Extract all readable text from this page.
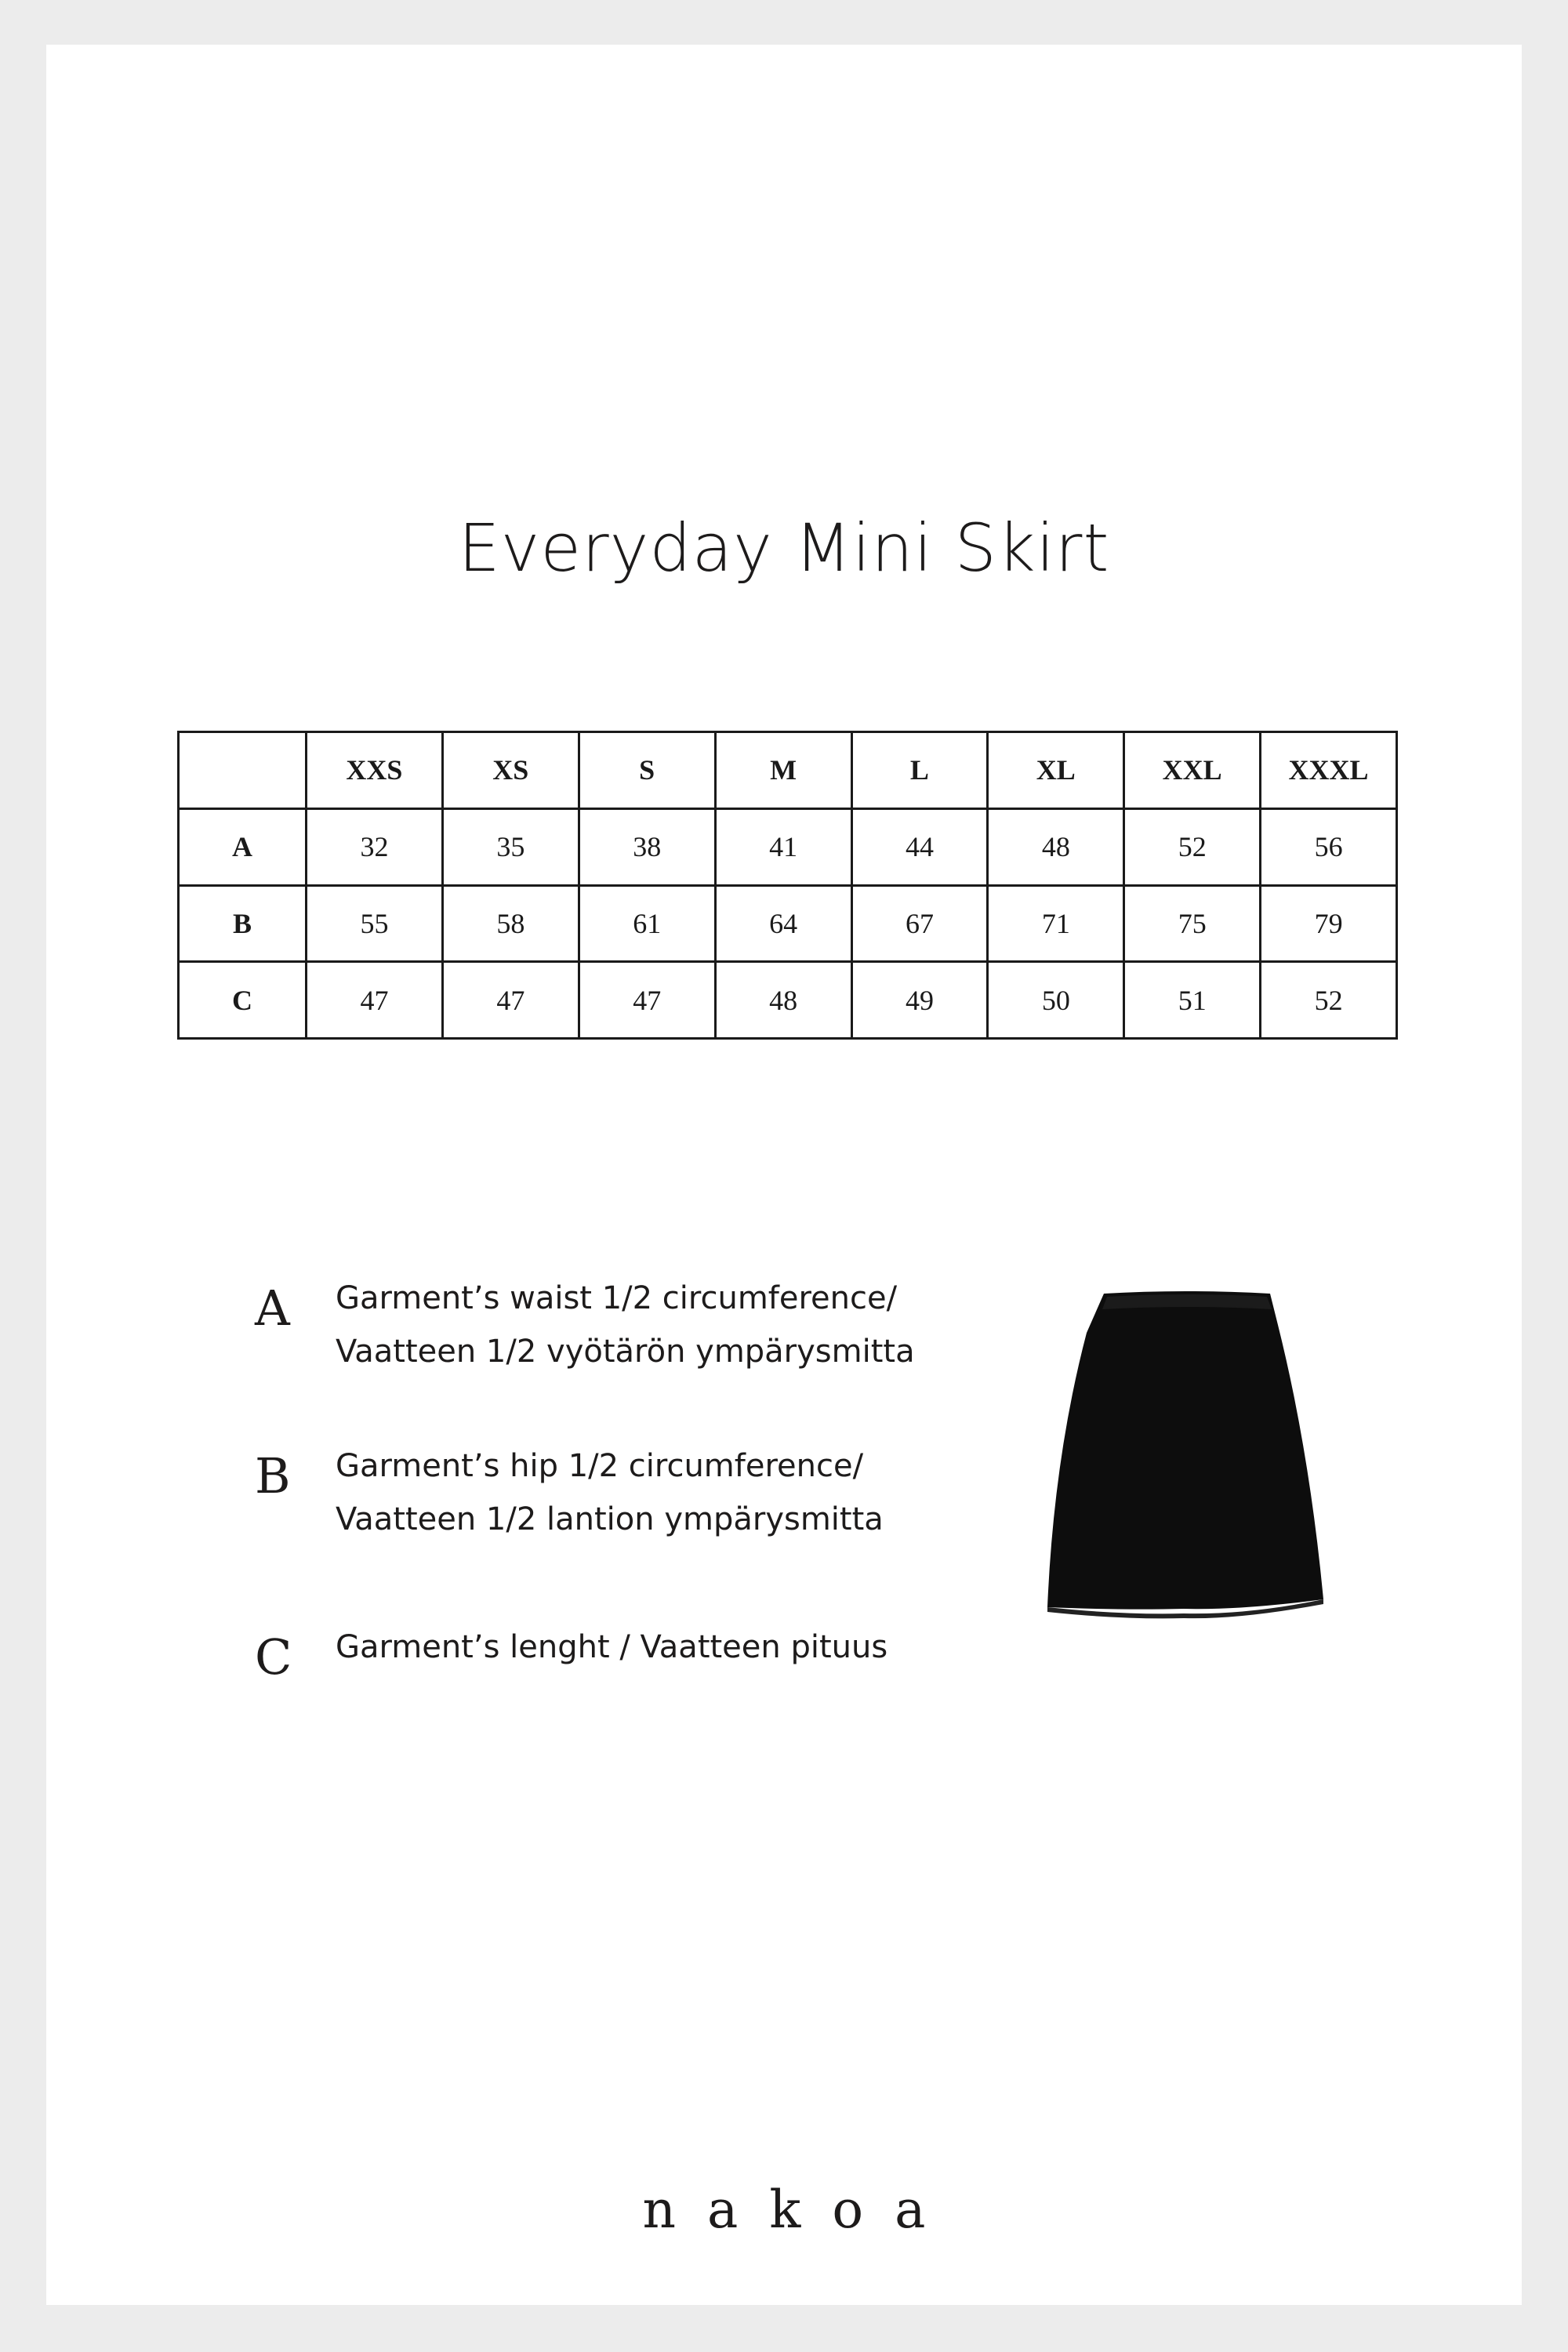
Everyday Mini Skirt
	XXS	XS	S	M	L	XL	XXL	XXXL
A	32	35	38	41	44	48	52	56
B	55	58	61	64	67	71	75	79
C	47	47	47	48	49	50	51	52
A Garment’s waist 1/2 circumference/
Vaatteen 1/2 vyötärön ympärysmitta
B Garment’s hip 1/2 circumference/
Vaatteen 1/2 lantion ympärysmitta
C Garment’s lenght / Vaatteen pituus
nakoa
